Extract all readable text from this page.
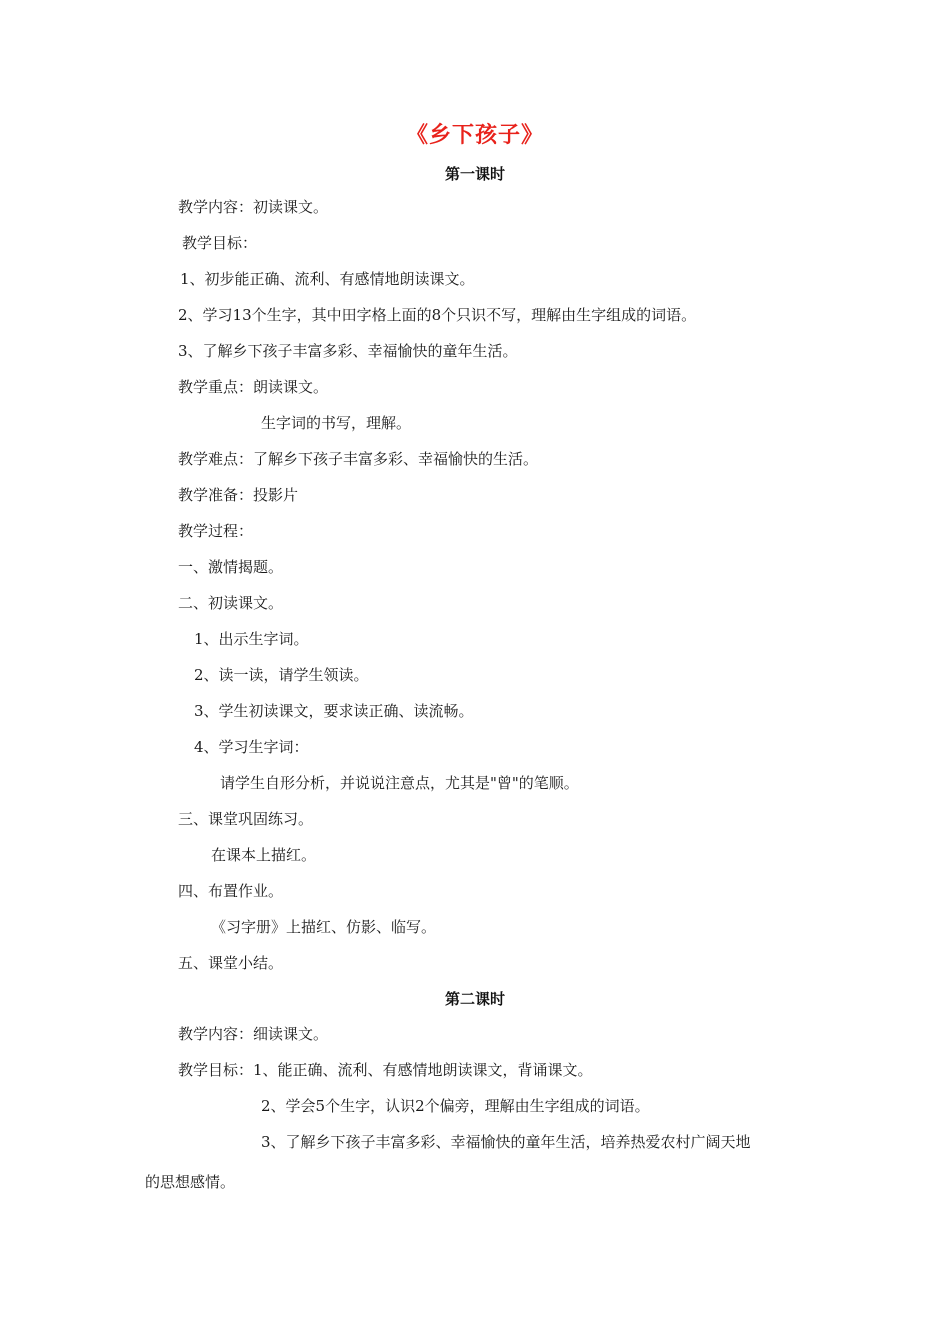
《乡下孩子》
第一课时
教学内容：初读课文。
教学目标：
1、初步能正确、流利、有感情地朗读课文。
2、学习13个生字，其中田字格上面的8个只识不写，理解由生字组成的词语。
3、了解乡下孩子丰富多彩、幸福愉快的童年生活。
教学重点：朗读课文。
生字词的书写，理解。
教学难点：了解乡下孩子丰富多彩、幸福愉快的生活。
教学准备：投影片
教学过程：
一、激情揭题。
二、初读课文。
1、出示生字词。
2、读一读，请学生领读。
3、学生初读课文，要求读正确、读流畅。
4、学习生字词：
请学生自形分析，并说说注意点，尤其是"曾"的笔顺。
三、课堂巩固练习。
在课本上描红。
四、布置作业。
《习字册》上描红、仿影、临写。
五、课堂小结。
第二课时
教学内容：细读课文。
教学目标：1、能正确、流利、有感情地朗读课文，背诵课文。
2、学会5个生字，认识2个偏旁，理解由生字组成的词语。
3、了解乡下孩子丰富多彩、幸福愉快的童年生活，培养热爱农村广阔天地
的思想感情。
